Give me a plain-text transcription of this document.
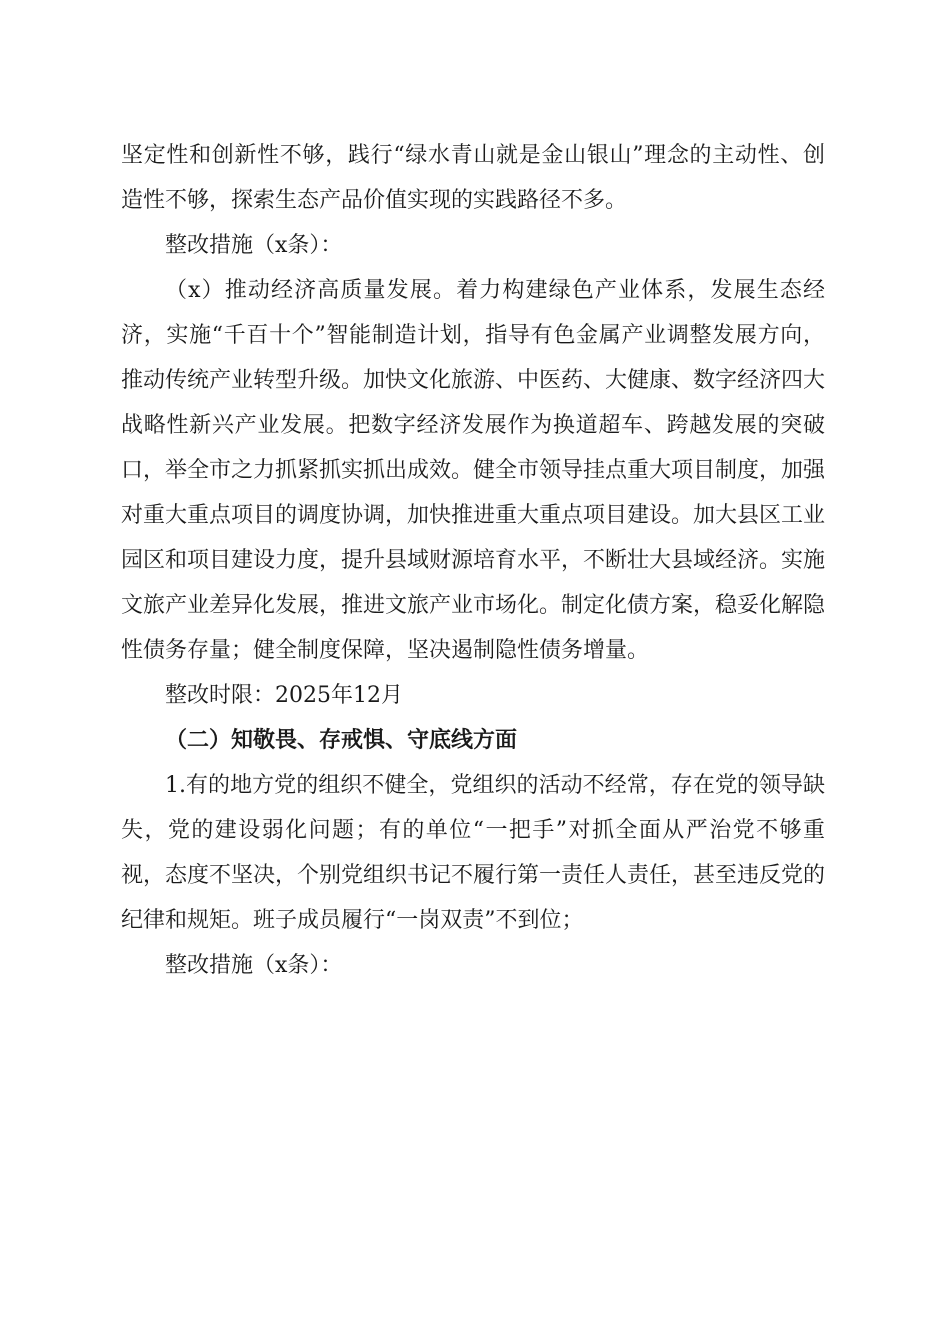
坚定性和创新性不够，践行“绿水青山就是金山银山”理念的主动性、创造性不够，探索生态产品价值实现的实践路径不多。

整改措施（x条）：

（x）推动经济高质量发展。着力构建绿色产业体系，发展生态经济，实施“千百十个”智能制造计划，指导有色金属产业调整发展方向，推动传统产业转型升级。加快文化旅游、中医药、大健康、数字经济四大战略性新兴产业发展。把数字经济发展作为换道超车、跨越发展的突破口，举全市之力抓紧抓实抓出成效。健全市领导挂点重大项目制度，加强对重大重点项目的调度协调，加快推进重大重点项目建设。加大县区工业园区和项目建设力度，提升县域财源培育水平，不断壮大县域经济。实施文旅产业差异化发展，推进文旅产业市场化。制定化债方案，稳妥化解隐性债务存量；健全制度保障，坚决遏制隐性债务增量。

整改时限：2025年12月

（二）知敬畏、存戒惧、守底线方面

1.有的地方党的组织不健全，党组织的活动不经常，存在党的领导缺失，党的建设弱化问题；有的单位“一把手”对抓全面从严治党不够重视，态度不坚决，个别党组织书记不履行第一责任人责任，甚至违反党的纪律和规矩。班子成员履行“一岗双责”不到位；

整改措施（x条）：
